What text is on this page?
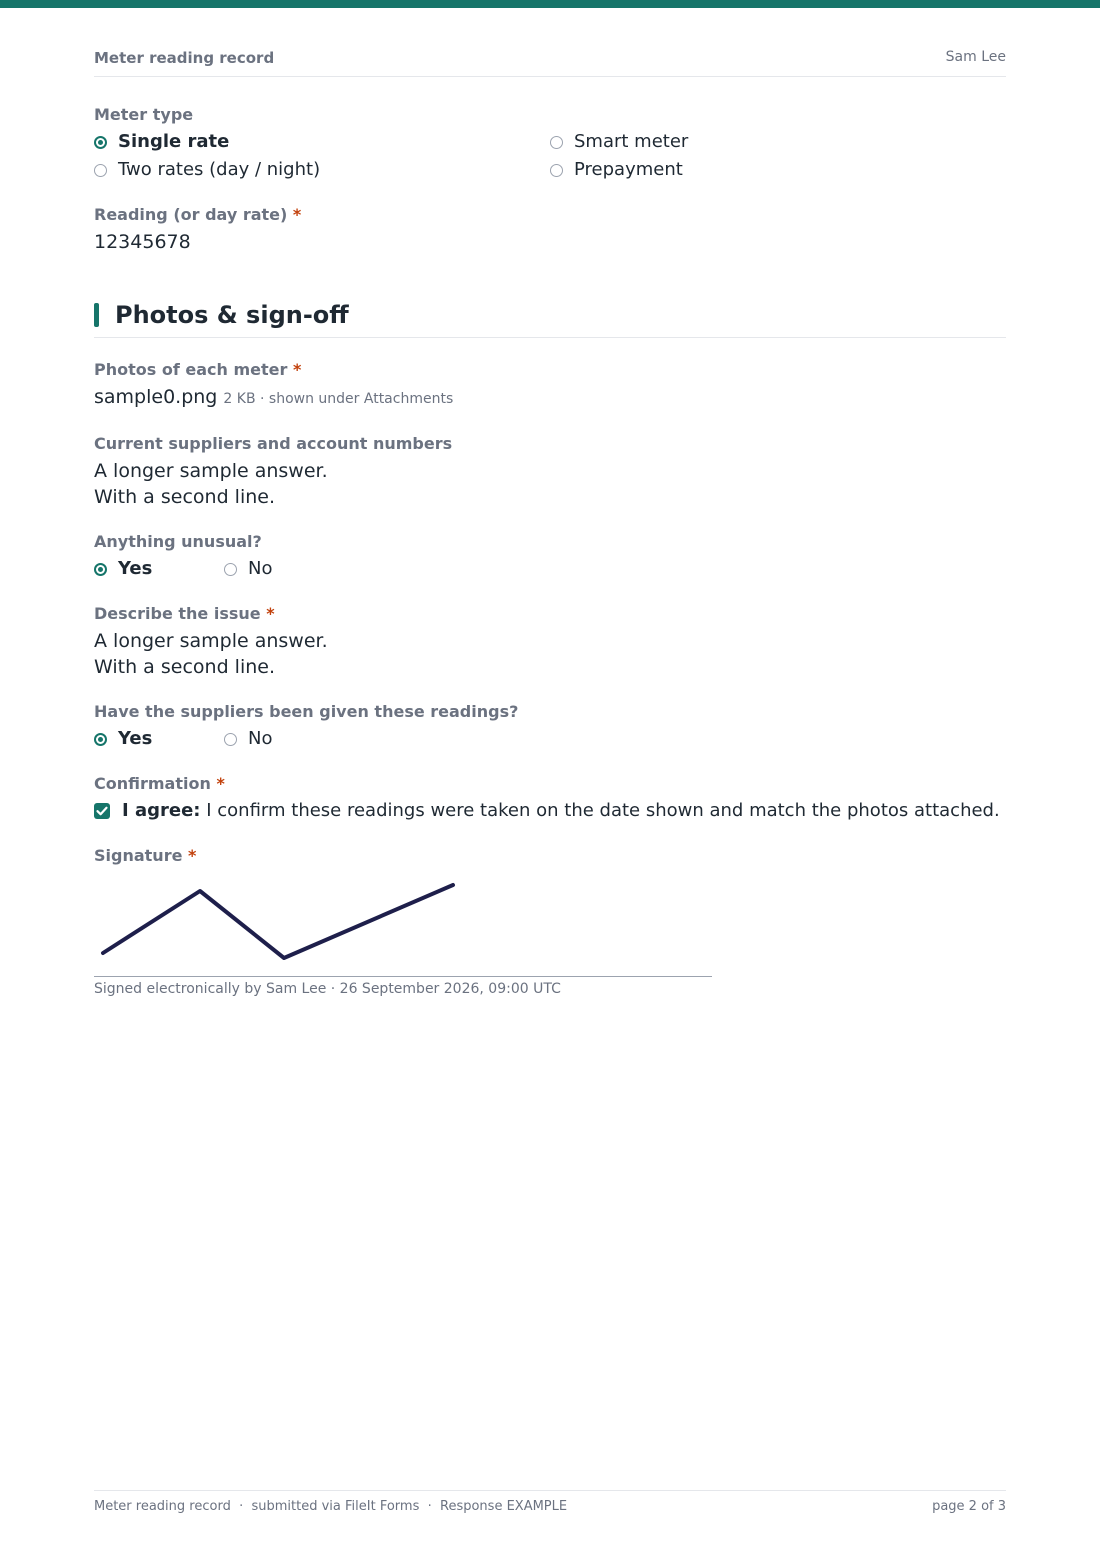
Meter reading record	Sam Lee
Meter type
Single rate	Smart meter
Two rates (day / night)	Prepayment
Reading (or day rate) *
12345678
Photos & sign-off
Photos of each meter *
sample0.png 2 KB · shown under Attachments
Current suppliers and account numbers
A longer sample answer.
With a second line.
Anything unusual?
Yes	No
Describe the issue *
A longer sample answer.
With a second line.
Have the suppliers been given these readings?
Yes	No
Confirmation *
I agree: I confirm these readings were taken on the date shown and match the photos attached.
Signature *
Signed electronically by Sam Lee · 26 September 2026, 09:00 UTC
Meter reading record  ·  submitted via FileIt Forms  ·  Response EXAMPLE	page 2 of 3
